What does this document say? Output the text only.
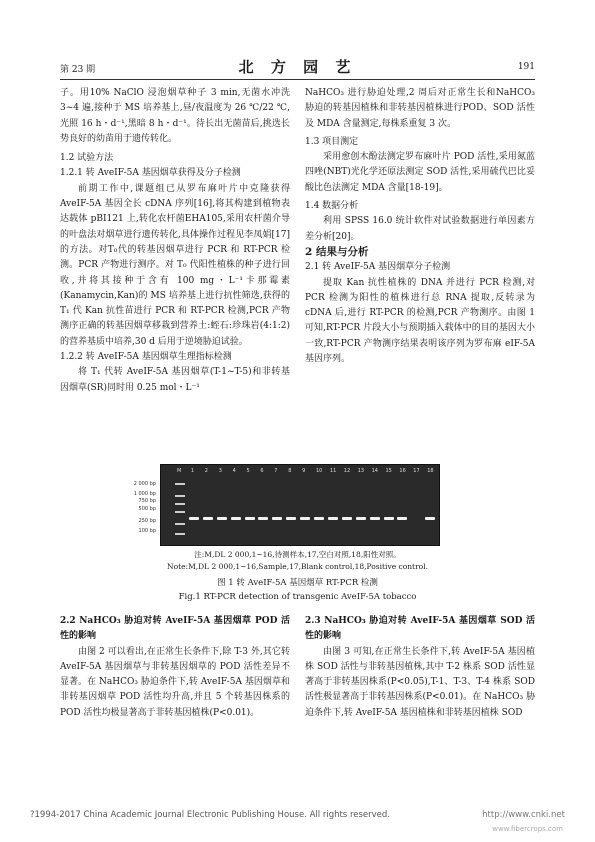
第 23 期	北 方 园 艺	191

子。用10% NaClO 浸泡烟草种子 3 min,无菌水冲洗 3~4 遍,接种于 MS 培养基上,昼/夜温度为 26 ℃/22 ℃,光照 16 h・d⁻¹,黑暗 8 h・d⁻¹。待长出无菌苗后,挑选长势良好的幼苗用于遗传转化。

1.2 试验方法

1.2.1 转 AveIF-5A 基因烟草获得及分子检测

前期工作中,课题组已从罗布麻叶片中克隆获得 AveIF-5A 基因全长 cDNA 序列[16],将其构建到植物表达载体 pBI121 上,转化农杆菌EHA105,采用农杆菌介导的叶盘法对烟草进行遗传转化,具体操作过程见李凤娟[17]的方法。对T₀代的转基因烟草进行 PCR 和 RT-PCR 检测。PCR 产物进行测序。对 T₀ 代阳性植株的种子进行回收,并将其接种于含有 100 mg・L⁻¹卡那霉素(Kanamycin,Kan)的 MS 培养基上进行抗性筛选,获得的 T₁ 代 Kan 抗性苗进行 PCR 和 RT-PCR 检测,PCR 产物测序正确的转基因烟草移栽到营养土:蛭石:珍珠岩(4:1:2)的营养基质中培养,30 d 后用于逆境胁迫试验。

1.2.2 转 AveIF-5A 基因烟草生理指标检测

将 T₁ 代转 AveIF-5A 基因烟草(T-1~T-5)和非转基因烟草(SR)同时用 0.25 mol・L⁻¹

NaHCO₃ 进行胁迫处理,2 周后对正常生长和NaHCO₃ 胁迫的转基因植株和非转基因植株进行POD、SOD 活性及 MDA 含量测定,每株系重复 3 次。

1.3 项目测定

采用愈创木酚法测定罗布麻叶片 POD 活性,采用氮蓝四唑(NBT)光化学还原法测定 SOD 活性,采用硫代巴比妥酸比色法测定 MDA 含量[18-19]。

1.4 数据分析

利用 SPSS 16.0 统计软件对试验数据进行单因素方差分析[20]。

2 结果与分析

2.1 转 AveIF-5A 基因烟草分子检测

提取 Kan 抗性植株的 DNA 并进行 PCR 检测,对 PCR 检测为阳性的植株进行总 RNA 提取,反转录为 cDNA 后,进行 RT-PCR 的检测,PCR 产物测序。由图 1 可知,RT-PCR 片段大小与预期插入载体中的目的基因大小一致,RT-PCR 产物测序结果表明该序列为罗布麻 eIF-5A 基因序列。

M 1 2 3 4 5 6 7 8 9 10 11 12 13 14 15 16 17 18
2 000 bp
1 000 bp
750 bp
500 bp
250 bp
100 bp
注:M,DL 2 000,1~16,待测样本,17,空白对照,18,阳性对照。
Note:M,DL 2 000,1~16,Sample,17,Blank control,18,Positive control.
图 1 转 AveIF-5A 基因烟草 RT-PCR 检测
Fig.1 RT-PCR detection of transgenic AveIF-5A tobacco

2.2 NaHCO₃ 胁迫对转 AveIF-5A 基因烟草 POD 活性的影响

由图 2 可以看出,在正常生长条件下,除 T-3 外,其它转 AveIF-5A 基因烟草与非转基因烟草的 POD 活性差异不显著。在 NaHCO₃ 胁迫条件下,转 AveIF-5A 基因烟草和非转基因烟草 POD 活性均升高,并且 5 个转基因株系的 POD 活性均极显著高于非转基因植株(P<0.01)。

2.3 NaHCO₃ 胁迫对转 AveIF-5A 基因烟草 SOD 活性的影响

由图 3 可知,在正常生长条件下,转 AveIF-5A 基因植株 SOD 活性与非转基因植株,其中 T-2 株系 SOD 活性显著高于非转基因株系(P<0.05),T-1、T-3、T-4 株系 SOD 活性极显著高于非转基因株系(P<0.01)。在 NaHCO₃ 胁迫条件下,转 AveIF-5A 基因植株和非转基因植株 SOD

?1994-2017 China Academic Journal Electronic Publishing House. All rights reserved.	http://www.cnki.net
www.fibercrops.com
